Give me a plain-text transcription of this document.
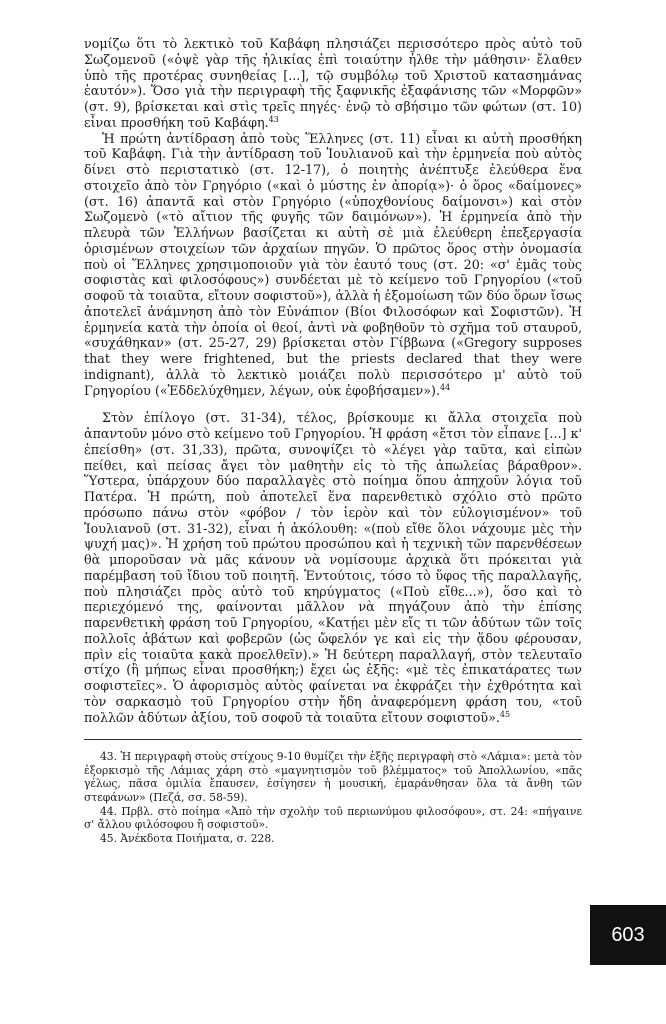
νομίζω ὅτι τὸ λεκτικὸ τοῦ Καβάφη πλησιάζει περισσότερο πρὸς αὐτὸ τοῦ Σωζομενοῦ («ὀψὲ γὰρ τῆς ἡλικίας ἐπὶ τοιαύτην ἦλθε τὴν μάθησιν· ἔλαθεν ὑπὸ τῆς προτέρας συνηθείας [...], τῷ συμβόλῳ τοῦ Χριστοῦ κατασημάνας ἑαυτόν»). Ὅσο γιὰ τὴν περιγραφὴ τῆς ξαφνικῆς ἐξαφάνισης τῶν «Μορφῶν» (στ. 9), βρίσκεται καὶ στὶς τρεῖς πηγές· ἐνῷ τὸ σβήσιμο τῶν φώτων (στ. 10) εἶναι προσθήκη τοῦ Καβάφη.$^{43}$

Ἡ πρώτη ἀντίδραση ἀπὸ τοὺς Ἕλληνες (στ. 11) εἶναι κι αὐτὴ προσθήκη τοῦ Καβάφη. Γιὰ τὴν ἀντίδραση τοῦ Ἰουλιανοῦ καὶ τὴν ἑρμηνεία ποὺ αὐτὸς δίνει στὸ περιστατικὸ (στ. 12-17), ὁ ποιητὴς ἀνέπτυξε ἐλεύθερα ἕνα στοιχεῖο ἀπὸ τὸν Γρηγόριο («καὶ ὁ μύστης ἐν ἀπορίᾳ»)· ὁ ὅρος «δαίμονες» (στ. 16) ἀπαντᾶ καὶ στὸν Γρηγόριο («ὑποχθονίους δαίμονσι») καὶ στὸν Σωζομενὸ («τὸ αἴτιον τῆς φυγῆς τῶν δαιμόνων»). Ἡ ἑρμηνεία ἀπὸ τὴν πλευρὰ τῶν Ἑλλήνων βασίζεται κι αὐτὴ σὲ μιὰ ἐλεύθερη ἐπεξεργασία ὁρισμένων στοιχείων τῶν ἀρχαίων πηγῶν. Ὁ πρῶτος ὅρος στὴν ὀνομασία ποὺ οἱ Ἕλληνες χρησιμοποιοῦν γιὰ τὸν ἑαυτό τους (στ. 20: «σ' ἐμᾶς τοὺς σοφιστὰς καὶ φιλοσόφους») συνδέεται μὲ τὸ κείμενο τοῦ Γρηγορίου («τοῦ σοφοῦ τὰ τοιαῦτα, εἴτουν σοφιστοῦ»), ἀλλὰ ἡ ἐξομοίωση τῶν δύο ὅρων ἴσως ἀποτελεῖ ἀνάμνηση ἀπὸ τὸν Εὐνάπιον (Βίοι Φιλοσόφων καὶ Σοφιστῶν). Ἡ ἑρμηνεία κατὰ τὴν ὁποία οἱ θεοί, ἀντὶ νὰ φοβηθοῦν τὸ σχῆμα τοῦ σταυροῦ, «συχάθηκαν» (στ. 25-27, 29) βρίσκεται στὸν Γίββωνα («Gregory supposes that they were frightened, but the priests declared that they were indignant), ἀλλὰ τὸ λεκτικὸ μοιάζει πολὺ περισσότερο μ' αὐτὸ τοῦ Γρηγορίου («Ἐδδελύχθημεν, λέγων, οὐκ ἐφοβήσαμεν»).$^{44}$

Στὸν ἐπίλογο (στ. 31-34), τέλος, βρίσκουμε κι ἄλλα στοιχεῖα ποὺ ἀπαντοῦν μόνο στὸ κείμενο τοῦ Γρηγορίου. Ἡ φράση «ἔτσι τὸν εἶπανε [...] κ' ἐπείσθη» (στ. 31,33), πρῶτα, συνοψίζει τὸ «λέγει γὰρ ταῦτα, καὶ εἰπὼν πείθει, καὶ πείσας ἄγει τὸν μαθητὴν εἰς τὸ τῆς ἀπωλείας βάραθρον». Ὕστερα, ὑπάρχουν δύο παραλλαγὲς στὸ ποίημα ὅπου ἀπηχοῦν λόγια τοῦ Πατέρα. Ἡ πρώτη, ποὺ ἀποτελεῖ ἕνα παρενθετικὸ σχόλιο στὸ πρῶτο πρόσωπο πάνω στὸν «φόβον / τὸν ἱερὸν καὶ τὸν εὐλογισμένον» τοῦ Ἰουλιανοῦ (στ. 31-32), εἶναι ἡ ἀκόλουθη: «(ποὺ εἴθε ὅλοι νάχουμε μὲς τὴν ψυχή μας)». Ἡ χρήση τοῦ πρώτου προσώπου καὶ ἡ τεχνικὴ τῶν παρενθέσεων θὰ μποροῦσαν νὰ μᾶς κάνουν νὰ νομίσουμε ἀρχικὰ ὅτι πρόκειται γιὰ παρέμβαση τοῦ ἴδιου τοῦ ποιητῆ. Ἐντούτοις, τόσο τὸ ὕφος τῆς παραλλαγῆς, ποὺ πλησιάζει πρὸς αὐτὸ τοῦ κηρύγματος («Ποὺ εἴθε...»), ὅσο καὶ τὸ περιεχόμενό της, φαίνονται μᾶλλον νὰ πηγάζουν ἀπὸ τὴν ἐπίσης παρενθετικὴ φράση τοῦ Γρηγορίου, «Κατῄει μὲν εἴς τι τῶν ἀδύτων τῶν τοῖς πολλοῖς ἀβάτων καὶ φοβερῶν (ὡς ὤφελόν γε καὶ εἰς τὴν ᾅδου φέρουσαν, πρὶν εἰς τοιαῦτα κακὰ προελθεῖν).» Ἡ δεύτερη παραλλαγή, στὸν τελευταῖο στίχο (ἢ μήπως εἶναι προσθήκη;) ἔχει ὡς ἐξῆς: «μὲ τὲς ἐπικατάρατες των σοφιστεῖες». Ὁ ἀφορισμὸς αὐτὸς φαίνεται να ἐκφράζει τὴν ἐχθρότητα καὶ τὸν σαρκασμὸ τοῦ Γρηγορίου στὴν ἤδη ἀναφερόμενη φράση του, «τοῦ πολλῶν ἀδύτων ἀξίου, τοῦ σοφοῦ τὰ τοιαῦτα εἴτουν σοφιστοῦ».$^{45}$

43. Ἡ περιγραφὴ στοὺς στίχους 9-10 θυμίζει τὴν ἑξῆς περιγραφὴ στὸ «Λάμια»: μετὰ τὸν ἐξορκισμὸ τῆς Λάμιας χάρη στὸ «μαγνητισμὸν τοῦ βλέμματος» τοῦ Ἀπολλωνίου, «πᾶς γέλως, πᾶσα ὁμιλία ἔπαυσεν, ἐσίγησεν ἡ μουσική, ἐμαράνθησαν ὅλα τὰ ἄνθη τῶν στεφάνων» (Πεζά, σσ. 58-59).

44. Πρβλ. στὸ ποίημα «Ἀπὸ τὴν σχολὴν τοῦ περιωνύμου φιλοσόφου», στ. 24: «πήγαινε σ' ἄλλου φιλόσοφου ἢ σοφιστοῦ».

45. Ἀνέκδοτα Ποιήματα, σ. 228.

603
